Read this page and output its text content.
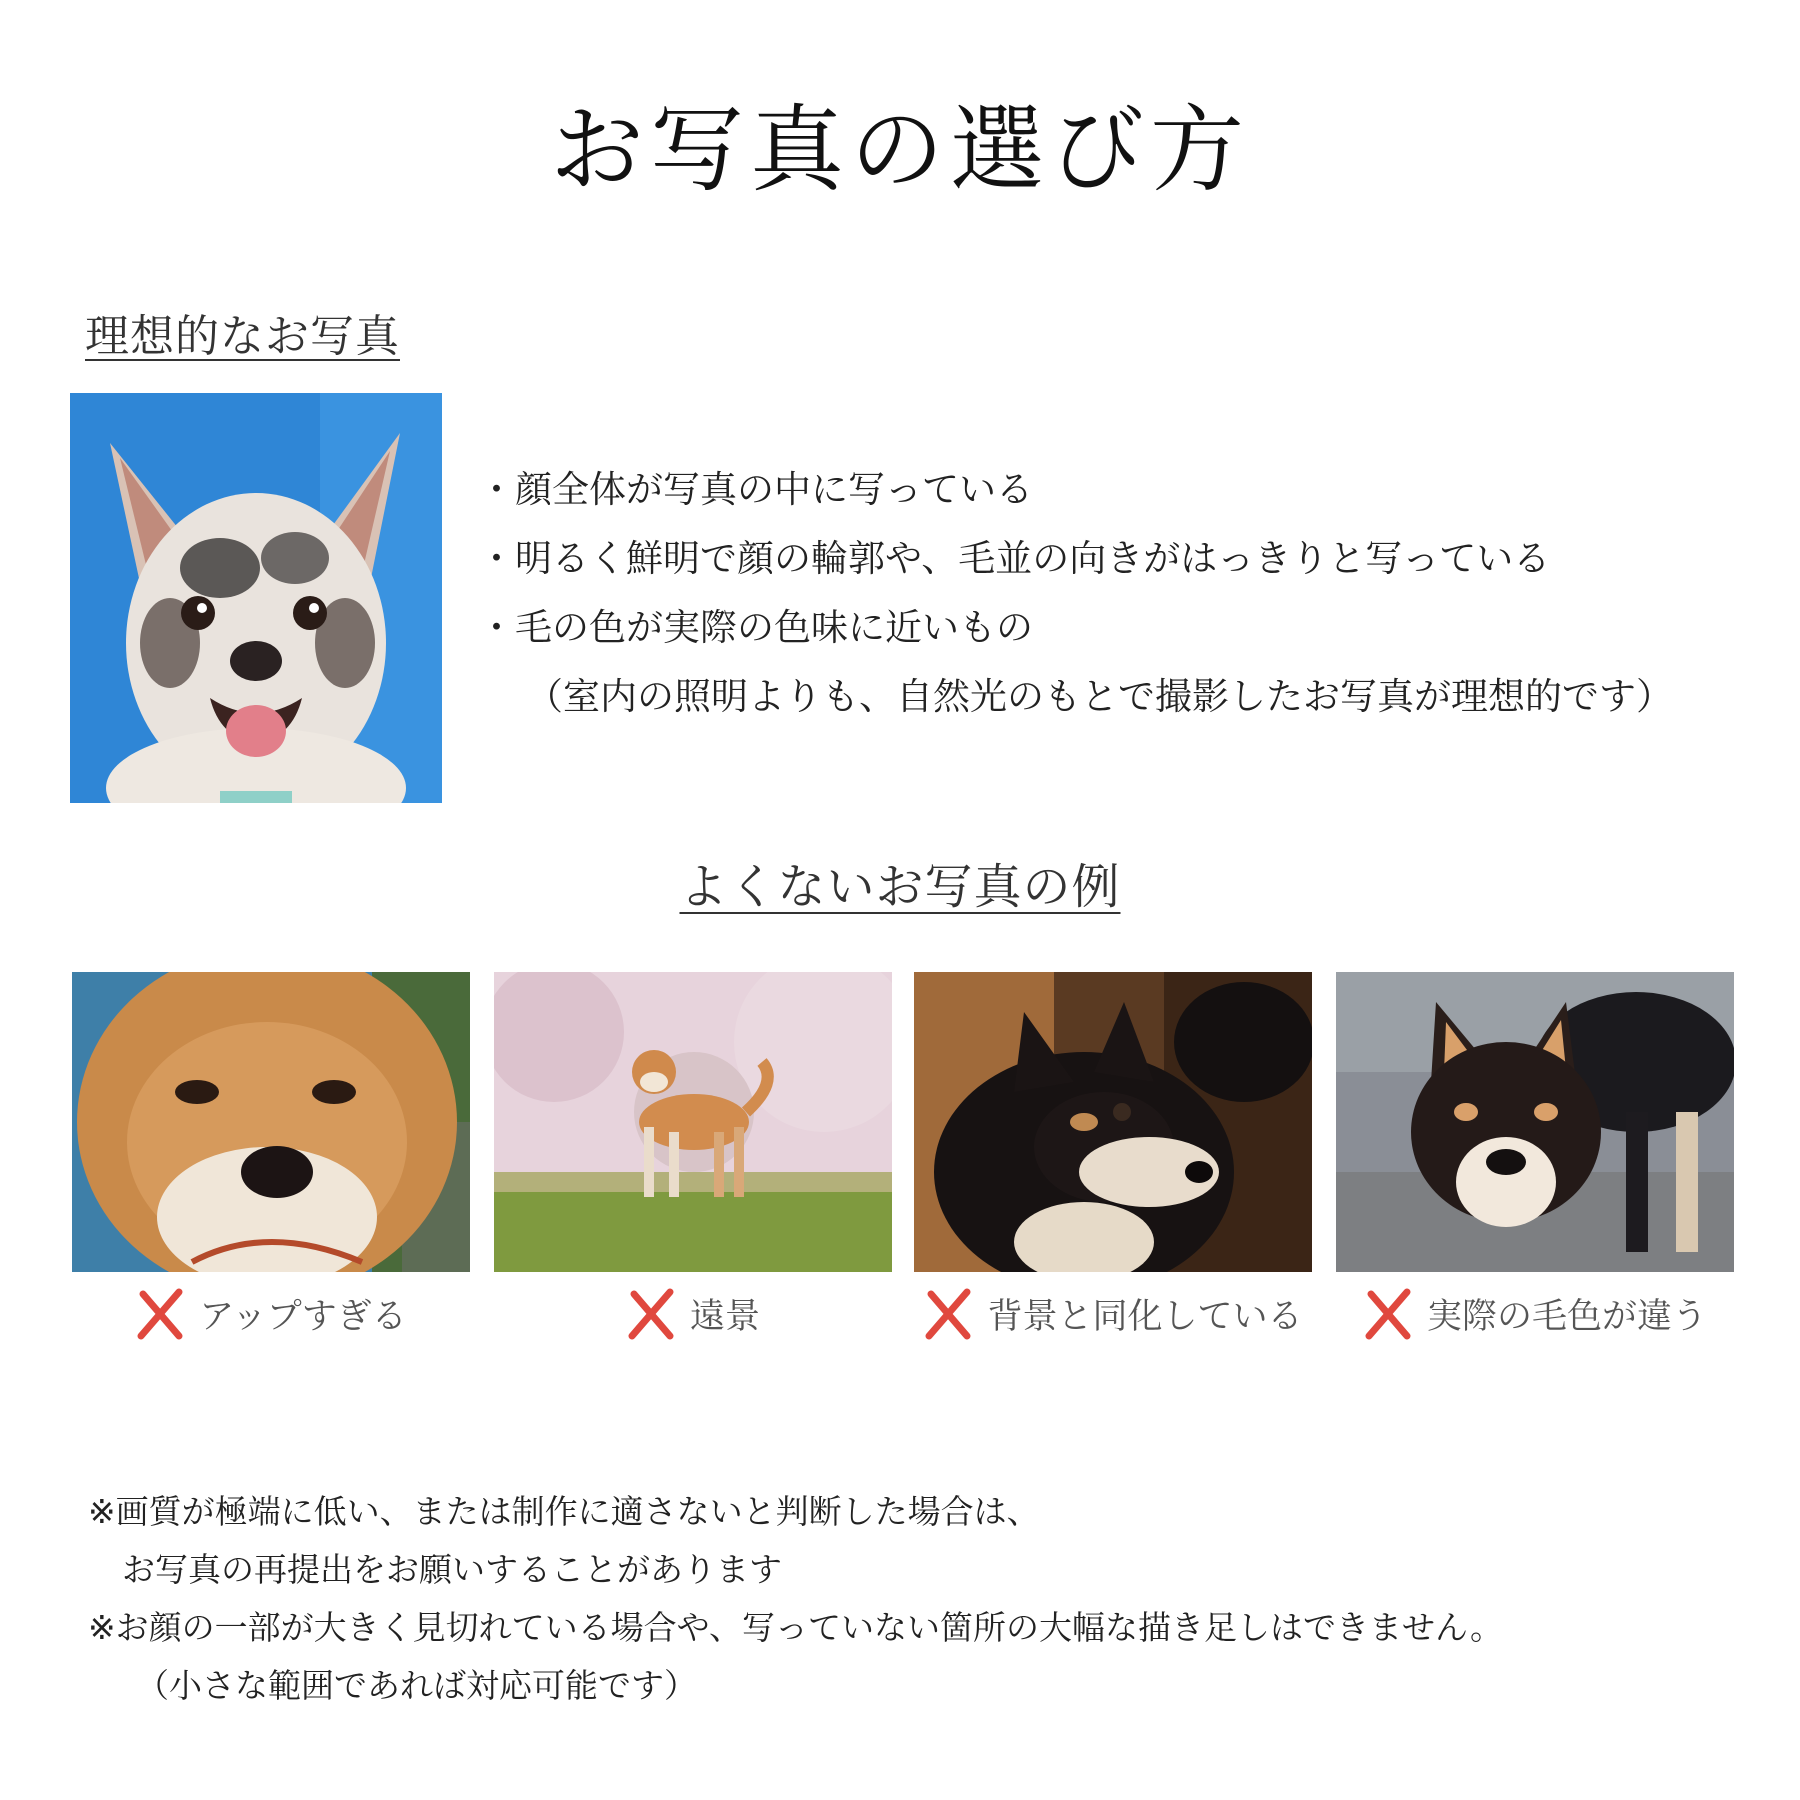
お写真の選び方
理想的なお写真
・顔全体が写真の中に写っている
・明るく鮮明で顔の輪郭や、毛並の向きがはっきりと写っている
・毛の色が実際の色味に近いもの
（室内の照明よりも、自然光のもとで撮影したお写真が理想的です）
よくないお写真の例
アップすぎる	遠景	背景と同化している	実際の毛色が違う
※画質が極端に低い、または制作に適さないと判断した場合は、
お写真の再提出をお願いすることがあります
※お顔の一部が大きく見切れている場合や、写っていない箇所の大幅な描き足しはできません。
（小さな範囲であれば対応可能です）
